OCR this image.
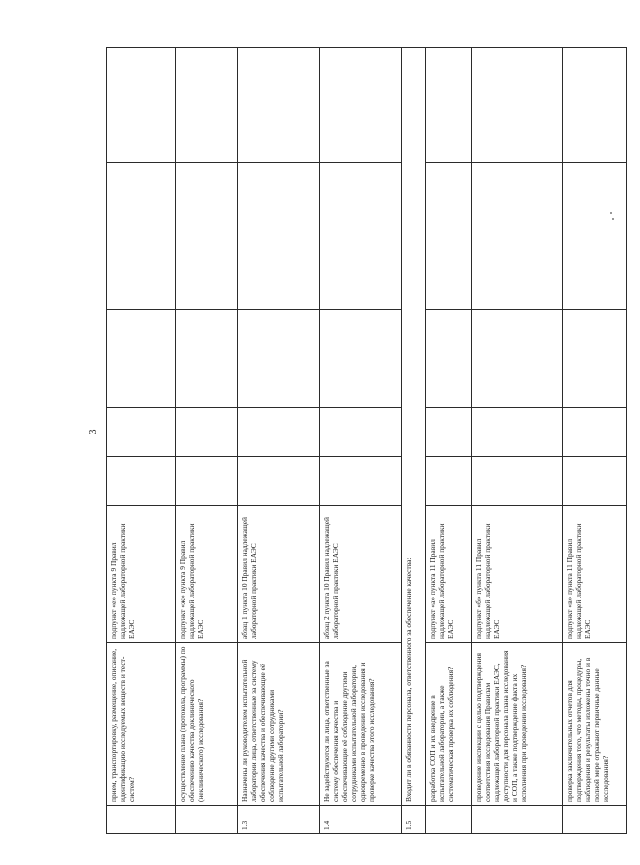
3
	прием, транспортировку, размещение, описание, идентификацию исследуемых веществ и тест-систем?	подпункт «е» пункта 9 Правил надлежащей лабораторной практики ЕАЭС					
	осуществление плана (протокола, программы) по обеспечению качества доклинического (неклинического) исследования?	подпункт «ж» пункта 9 Правил надлежащей лабораторной практики ЕАЭС					
1.3	Назначены ли руководителем испытательной лаборатории лица, ответственные за систему обеспечения качества и обеспечивающие её соблюдение другими сотрудниками испытательной лаборатории?	абзац 1 пункта 10 Правил надлежащей лабораторной практики ЕАЭС					
1.4	Не задействуются ли лица, ответственные за систему обеспечения качества и обеспечивающие её соблюдение другими сотрудниками испытательной лаборатории, одновременно в проведении исследования и проверке качества этого исследования?	абзац 2 пункта 10 Правил надлежащей лабораторной практики ЕАЭС					
1.5	Входит ли в обязанности персонала, ответственного за обеспечение качества:						
	разработка СОП и их внедрение в испытательной лаборатории, а также систематическая проверка их соблюдения?	подпункт «а» пункта 11 Правил надлежащей лабораторной практики ЕАЭС					
	проведение инспекции с целью подтверждения соответствия исследования Правилам надлежащей лабораторной практики ЕАЭС, доступности для персонала плана исследования и СОП, а также подтверждение факта их исполнения при проведении исследования?	подпункт «б» пункта 11 Правил надлежащей лабораторной практики ЕАЭС					
	проверка заключительных отчетов для подтверждения того, что методы, процедуры, наблюдения и результаты изложены точно и в полной мере отражают первичные данные исследования?	подпункт «в» пункта 11 Правил надлежащей лабораторной практики ЕАЭС					
